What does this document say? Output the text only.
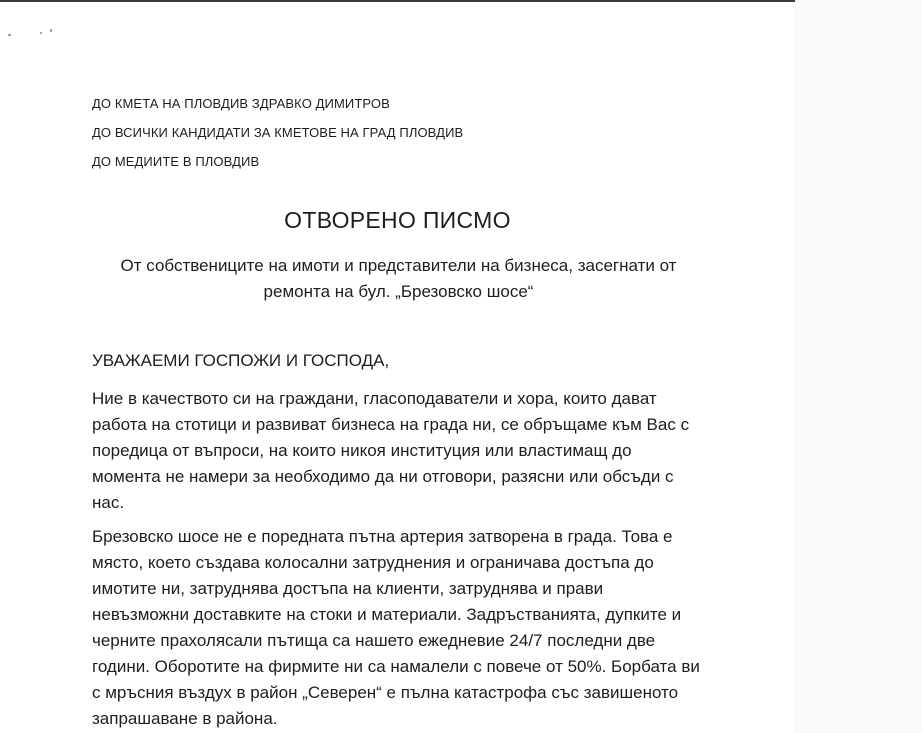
ДО КМЕТА НА ПЛОВДИВ ЗДРАВКО ДИМИТРОВ
ДО ВСИЧКИ КАНДИДАТИ ЗА КМЕТОВЕ НА ГРАД ПЛОВДИВ
ДО МЕДИИТЕ В ПЛОВДИВ
ОТВОРЕНО ПИСМО
От собствениците на имоти и представители на бизнеса, засегнати от
ремонта на бул. „Брезовско шосе“
УВАЖАЕМИ ГОСПОЖИ И ГОСПОДА,
Ние в качеството си на граждани, гласоподаватели и хора, които дават
работа на стотици и развиват бизнеса на града ни, се обръщаме към Вас с
поредица от въпроси, на които никоя институция или властимащ до
момента не намери за необходимо да ни отговори, разясни или обсъди с
нас.
Брезовско шосе не е поредната пътна артерия затворена в града. Това е
място, което създава колосални затруднения и ограничава достъпа до
имотите ни, затруднява достъпа на клиенти, затруднява и прави
невъзможни доставките на стоки и материали. Задръстванията, дупките и
черните прахолясали пътища са нашето ежедневие 24/7 последни две
години. Оборотите на фирмите ни са намалели с повече от 50%. Борбата ви
с мръсния въздух в район „Северен“ е пълна катастрофа със завишеното
запрашаване в района.
